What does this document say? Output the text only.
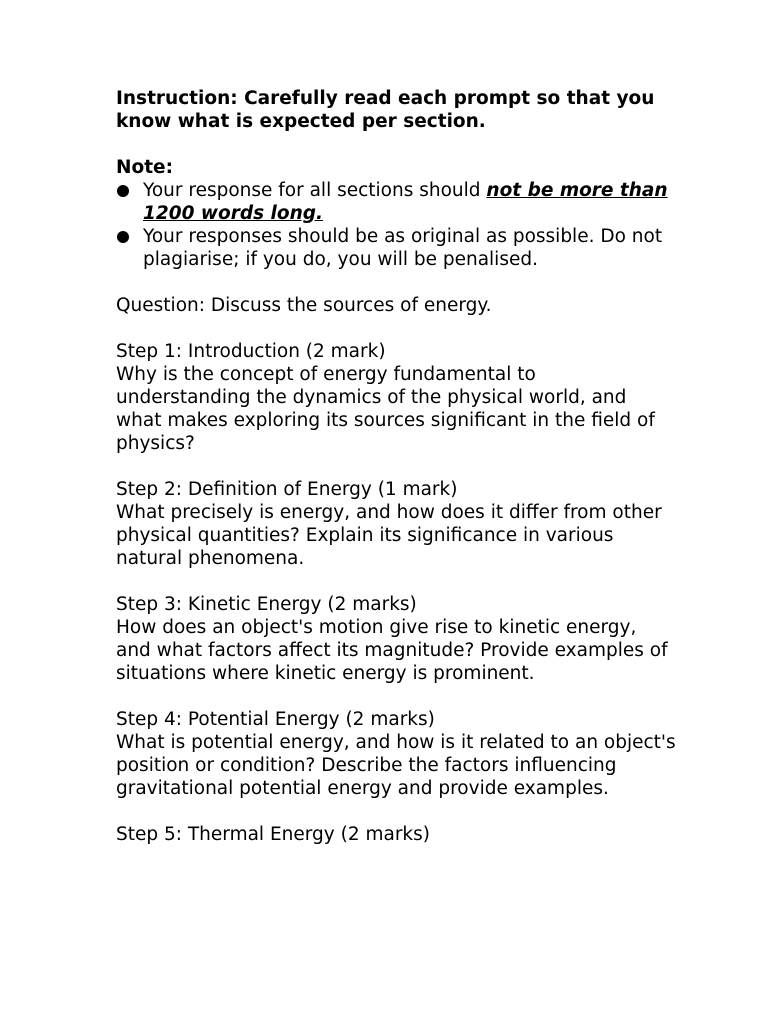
Instruction: Carefully read each prompt so that you know what is expected per section.

Note:

Your response for all sections should not be more than 1200 words long.
Your responses should be as original as possible. Do not plagiarise; if you do, you will be penalised.

Question: Discuss the sources of energy.

Step 1: Introduction (2 mark)

Why is the concept of energy fundamental to understanding the dynamics of the physical world, and what makes exploring its sources significant in the field of physics?

Step 2: Definition of Energy (1 mark)

What precisely is energy, and how does it differ from other physical quantities? Explain its significance in various natural phenomena.

Step 3: Kinetic Energy (2 marks)

How does an object's motion give rise to kinetic energy, and what factors affect its magnitude? Provide examples of situations where kinetic energy is prominent.

Step 4: Potential Energy (2 marks)

What is potential energy, and how is it related to an object's position or condition? Describe the factors influencing gravitational potential energy and provide examples.

Step 5: Thermal Energy (2 marks)
